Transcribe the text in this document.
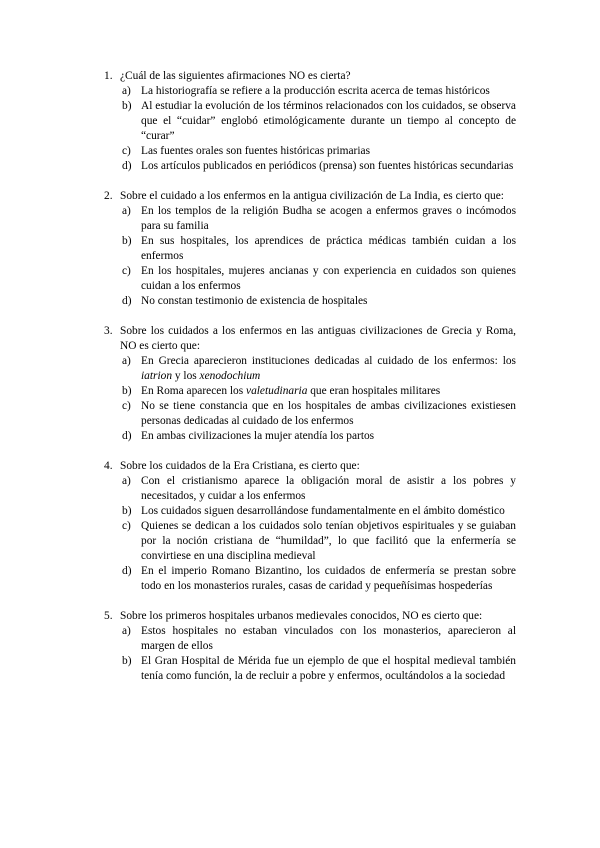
1. ¿Cuál de las siguientes afirmaciones NO es cierta?
a) La historiografía se refiere a la producción escrita acerca de temas históricos
b) Al estudiar la evolución de los términos relacionados con los cuidados, se observa que el “cuidar” englobó etimológicamente durante un tiempo al concepto de “curar”
c) Las fuentes orales son fuentes históricas primarias
d) Los artículos publicados en periódicos (prensa) son fuentes históricas secundarias
2. Sobre el cuidado a los enfermos en la antigua civilización de La India, es cierto que:
a) En los templos de la religión Budha se acogen a enfermos graves o incómodos para su familia
b) En sus hospitales, los aprendices de práctica médicas también cuidan a los enfermos
c) En los hospitales, mujeres ancianas y con experiencia en cuidados son quienes cuidan a los enfermos
d) No constan testimonio de existencia de hospitales
3. Sobre los cuidados a los enfermos en las antiguas civilizaciones de Grecia y Roma, NO es cierto que:
a) En Grecia aparecieron instituciones dedicadas al cuidado de los enfermos: los iatrion y los xenodochium
b) En Roma aparecen los valetudinaria que eran hospitales militares
c) No se tiene constancia que en los hospitales de ambas civilizaciones existiesen personas dedicadas al cuidado de los enfermos
d) En ambas civilizaciones la mujer atendía los partos
4. Sobre los cuidados de la Era Cristiana, es cierto que:
a) Con el cristianismo aparece la obligación moral de asistir a los pobres y necesitados, y cuidar a los enfermos
b) Los cuidados siguen desarrollándose fundamentalmente en el ámbito doméstico
c) Quienes se dedican a los cuidados solo tenían objetivos espirituales y se guiaban por la noción cristiana de “humildad”, lo que facilitó que la enfermería se convirtiese en una disciplina medieval
d) En el imperio Romano Bizantino, los cuidados de enfermería se prestan sobre todo en los monasterios rurales, casas de caridad y pequeñísimas hospederías
5. Sobre los primeros hospitales urbanos medievales conocidos, NO es cierto que:
a) Estos hospitales no estaban vinculados con los monasterios, aparecieron al margen de ellos
b) El Gran Hospital de Mérida fue un ejemplo de que el hospital medieval también tenía como función, la de recluir a pobre y enfermos, ocultándolos a la sociedad
